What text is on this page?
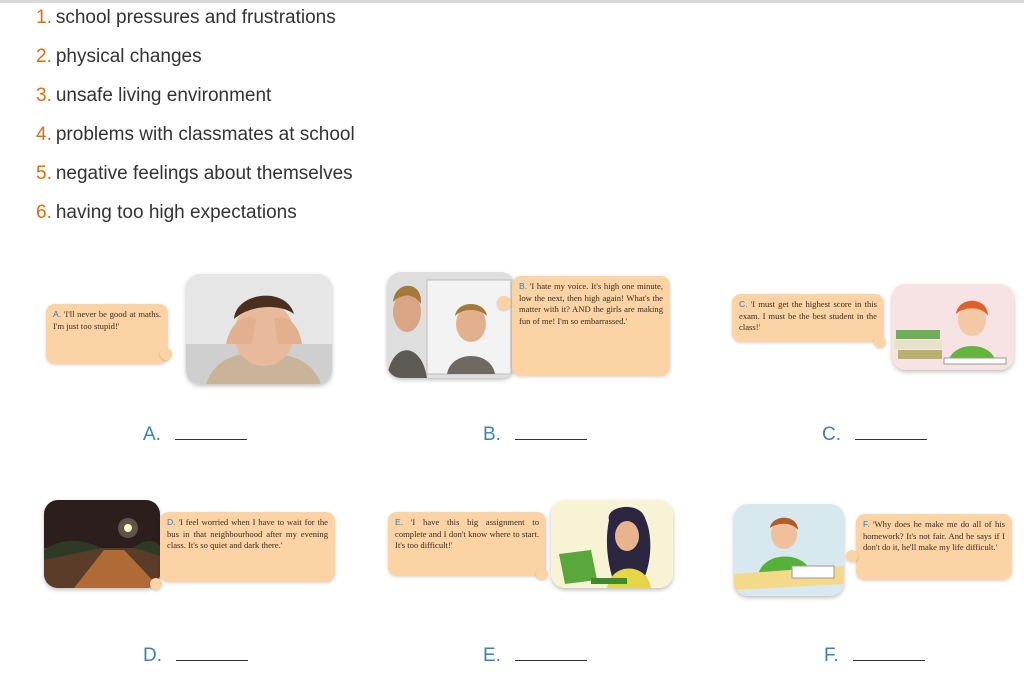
1. school pressures and frustrations
2. physical changes
3. unsafe living environment
4. problems with classmates at school
5. negative feelings about themselves
6. having too high expectations
A. 'I'll never be good at maths. I'm just too stupid!'
B. 'I hate my voice. It's high one minute, low the next, then high again! What's the matter with it? AND the girls are making fun of me! I'm so embarrassed.'
C. 'I must get the highest score in this exam. I must be the best student in the class!'
D. 'I feel worried when I have to wait for the bus in that neighbourhood after my evening class. It's so quiet and dark there.'
E. 'I have this big assignment to complete and I don't know where to start. It's too difficult!'
F. 'Why does he make me do all of his homework? It's not fair. And he says if I don't do it, he'll make my life difficult.'
A.	B.	C.
D.	E.	F.
